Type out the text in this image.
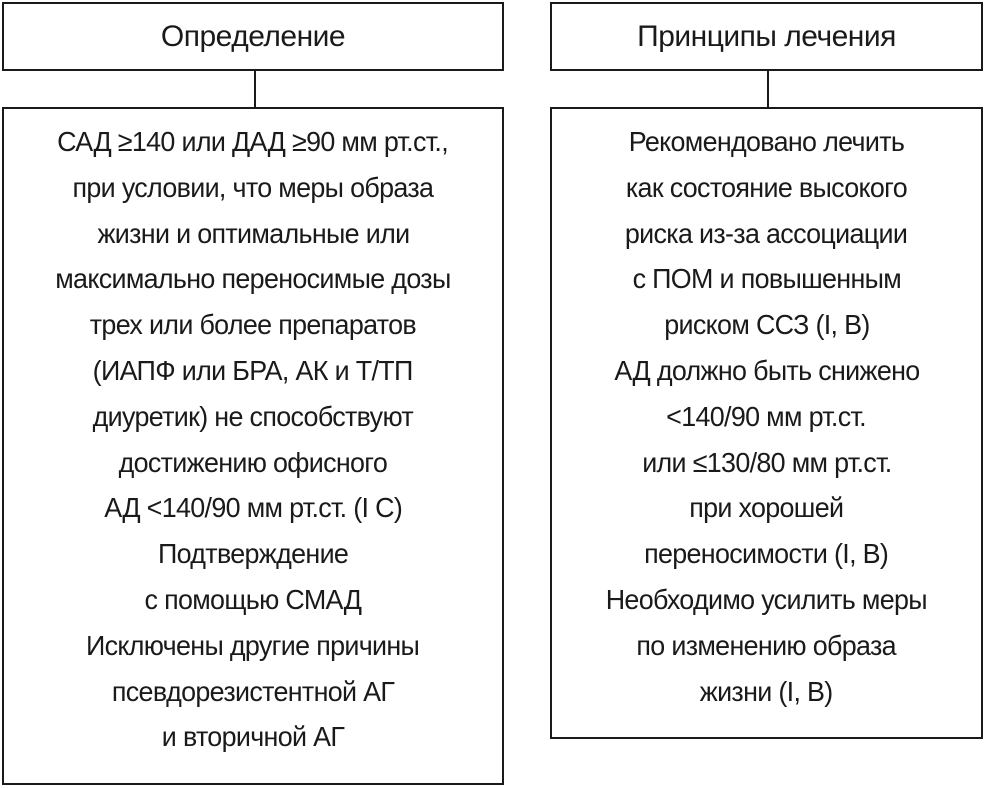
Определение	Принципы лечения
САД ≥140 или ДАД ≥90 мм рт.ст.,
при условии, что меры образа
жизни и оптимальные или
максимально переносимые дозы
трех или более препаратов
(ИАПФ или БРА, АК и Т/ТП
диуретик) не способствуют
достижению офисного
АД <140/90 мм рт.ст. (I C)
Подтверждение
с помощью СМАД
Исключены другие причины
псевдорезистентной АГ
и вторичной АГ
Рекомендовано лечить
как состояние высокого
риска из-за ассоциации
с ПОМ и повышенным
риском ССЗ (I, B)
АД должно быть снижено
<140/90 мм рт.ст.
или ≤130/80 мм рт.ст.
при хорошей
переносимости (I, B)
Необходимо усилить меры
по изменению образа
жизни (I, B)
